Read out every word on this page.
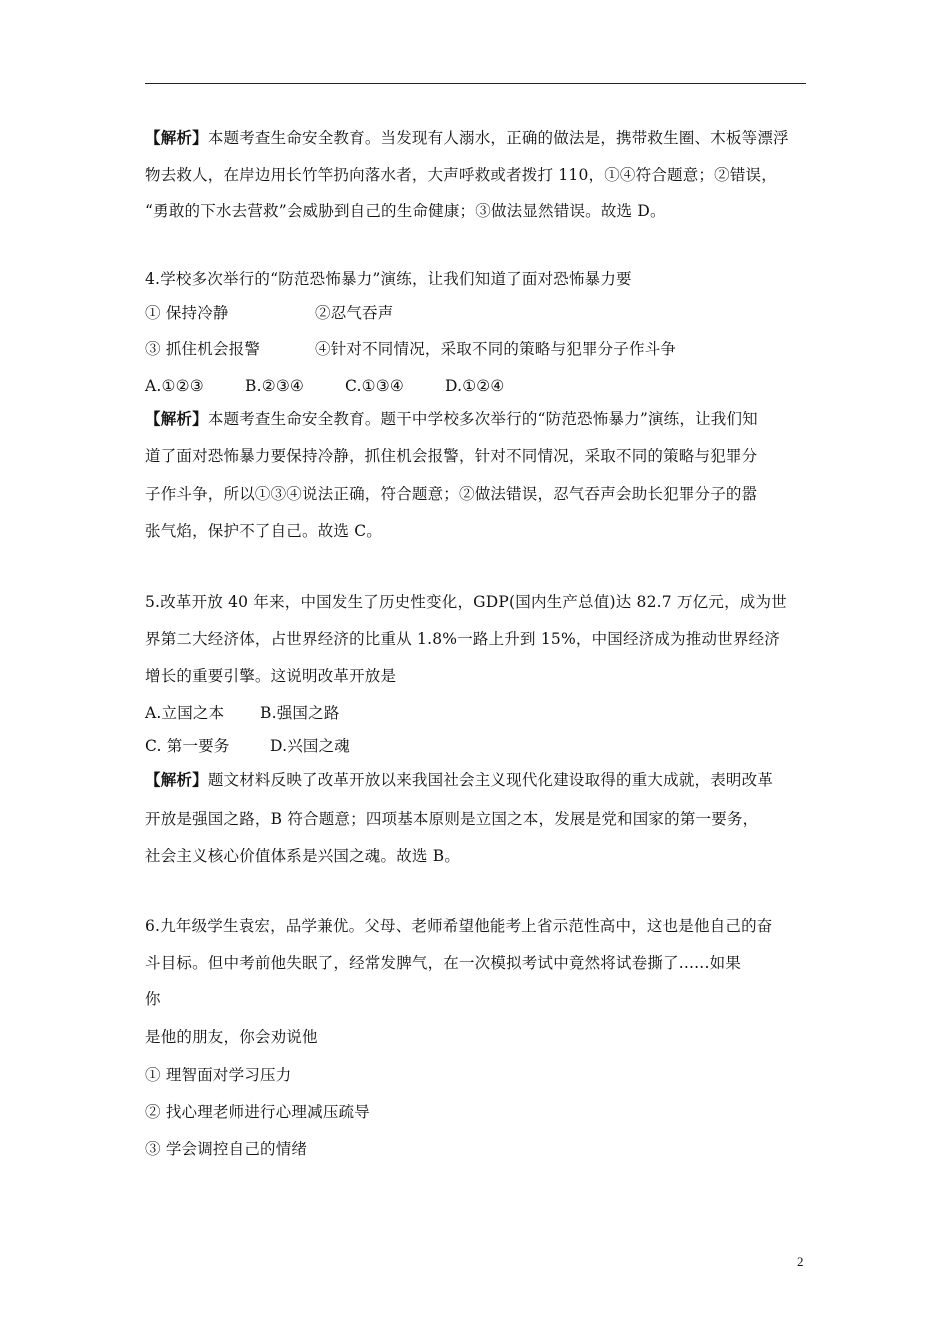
【解析】本题考查生命安全教育。当发现有人溺水，正确的做法是，携带救生圈、木板等漂浮
物去救人，在岸边用长竹竿扔向落水者，大声呼救或者拨打 110，①④符合题意；②错误，
“勇敢的下水去营救”会威胁到自己的生命健康；③做法显然错误。故选 D。
4.学校多次举行的“防范恐怖暴力”演练，让我们知道了面对恐怖暴力要
① 保持冷静	②忍气吞声
③ 抓住机会报警	④针对不同情况，采取不同的策略与犯罪分子作斗争
A.①②③	B.②③④	C.①③④	D.①②④
【解析】本题考查生命安全教育。题干中学校多次举行的“防范恐怖暴力”演练，让我们知
道了面对恐怖暴力要保持冷静，抓住机会报警，针对不同情况，采取不同的策略与犯罪分
子作斗争，所以①③④说法正确，符合题意；②做法错误，忍气吞声会助长犯罪分子的嚣
张气焰，保护不了自己。故选 C。
5.改革开放 40 年来，中国发生了历史性变化，GDP(国内生产总值)达 82.7 万亿元，成为世
界第二大经济体，占世界经济的比重从 1.8%一路上升到 15%，中国经济成为推动世界经济
增长的重要引擎。这说明改革开放是
A.立国之本 B.强国之路
C. 第一要务	D.兴国之魂
【解析】题文材料反映了改革开放以来我国社会主义现代化建设取得的重大成就，表明改革
开放是强国之路，B 符合题意；四项基本原则是立国之本，发展是党和国家的第一要务，
社会主义核心价值体系是兴国之魂。故选 B。
6.九年级学生袁宏，品学兼优。父母、老师希望他能考上省示范性高中，这也是他自己的奋
斗目标。但中考前他失眠了，经常发脾气，在一次模拟考试中竟然将试卷撕了......如果
你
是他的朋友，你会劝说他
① 理智面对学习压力
② 找心理老师进行心理减压疏导
③ 学会调控自己的情绪
2
